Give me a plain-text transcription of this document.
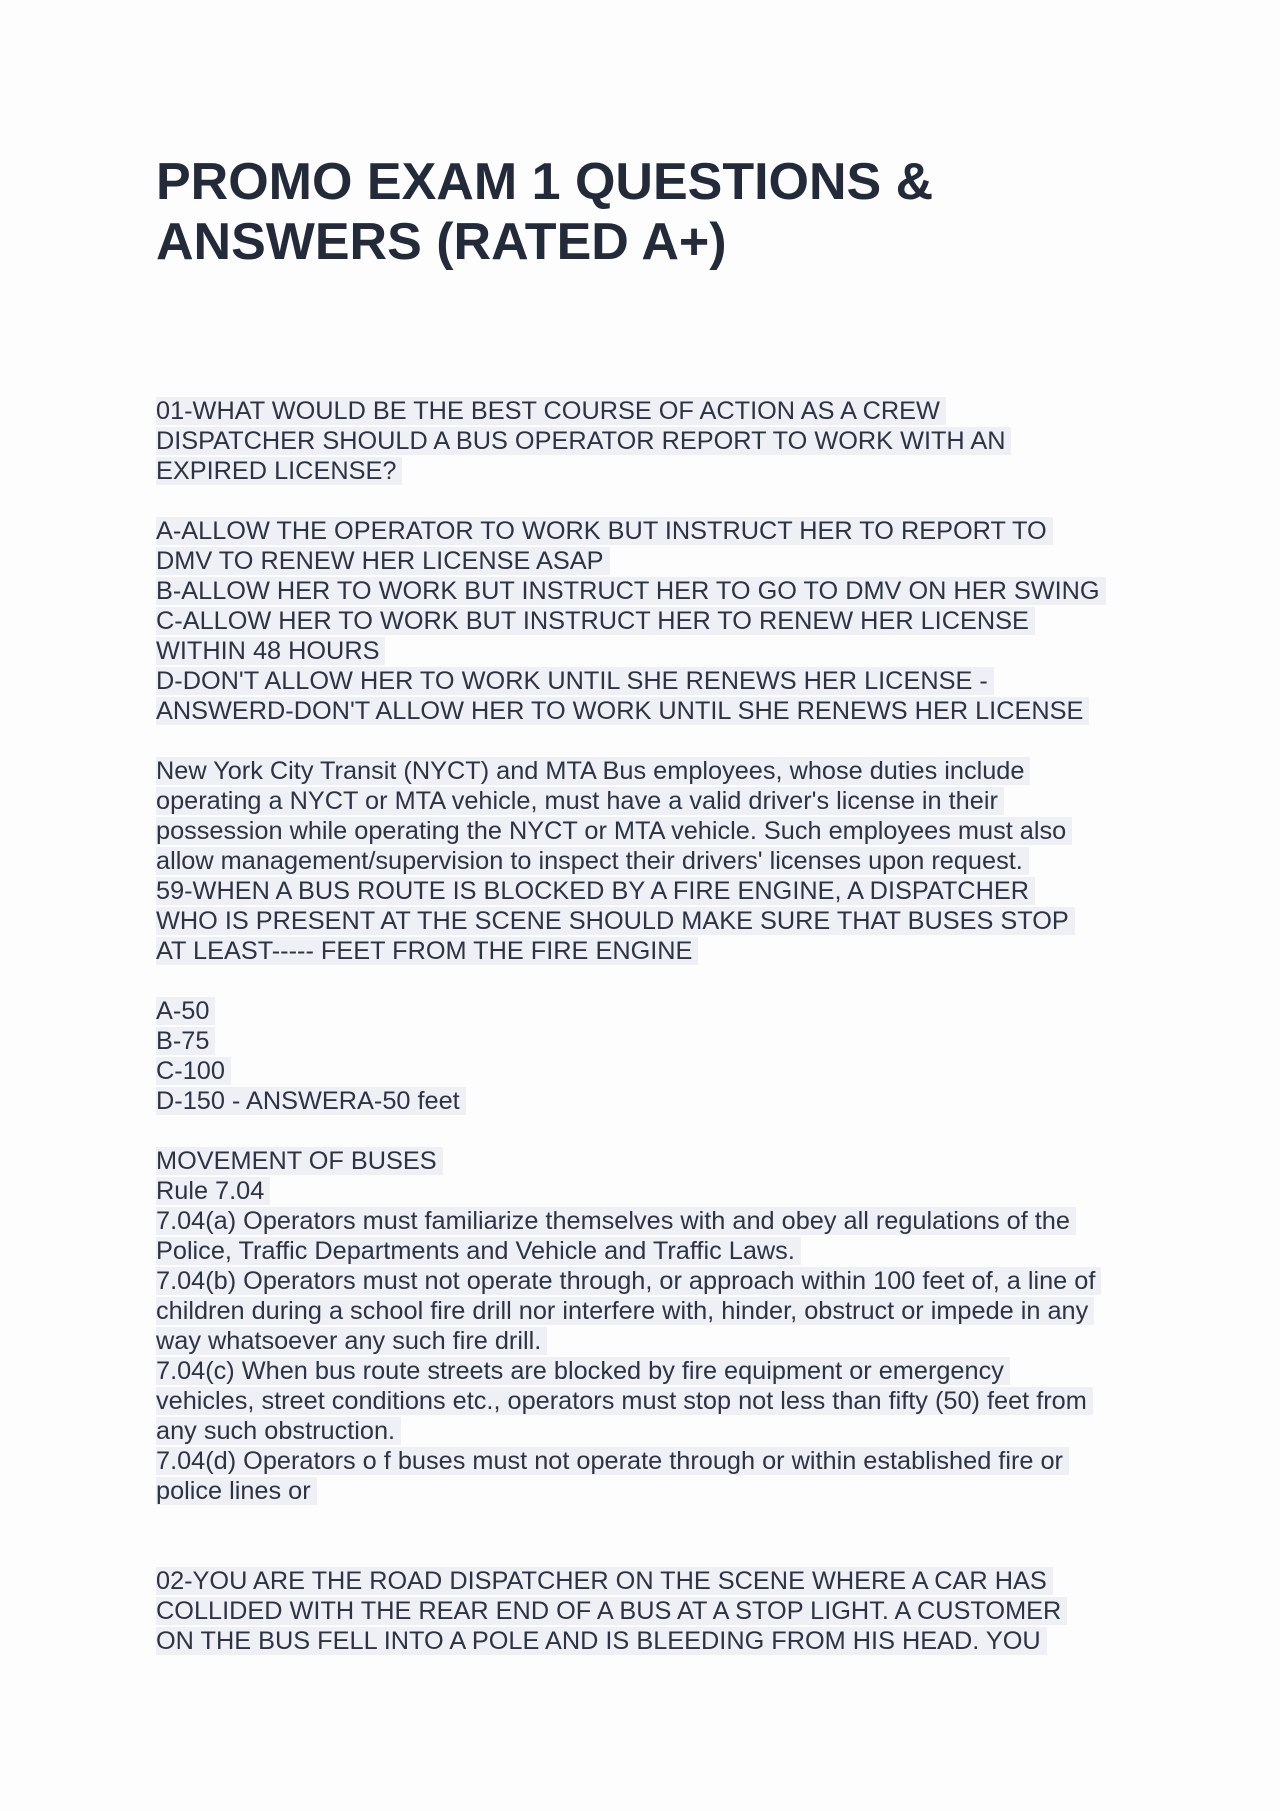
PROMO EXAM 1 QUESTIONS &
ANSWERS (RATED A+)
01-WHAT WOULD BE THE BEST COURSE OF ACTION AS A CREW
DISPATCHER SHOULD A BUS OPERATOR REPORT TO WORK WITH AN
EXPIRED LICENSE?
A-ALLOW THE OPERATOR TO WORK BUT INSTRUCT HER TO REPORT TO
DMV TO RENEW HER LICENSE ASAP
B-ALLOW HER TO WORK BUT INSTRUCT HER TO GO TO DMV ON HER SWING
C-ALLOW HER TO WORK BUT INSTRUCT HER TO RENEW HER LICENSE
WITHIN 48 HOURS
D-DON'T ALLOW HER TO WORK UNTIL SHE RENEWS HER LICENSE -
ANSWERD-DON'T ALLOW HER TO WORK UNTIL SHE RENEWS HER LICENSE
New York City Transit (NYCT) and MTA Bus employees, whose duties include
operating a NYCT or MTA vehicle, must have a valid driver's license in their
possession while operating the NYCT or MTA vehicle. Such employees must also
allow management/supervision to inspect their drivers' licenses upon request.
59-WHEN A BUS ROUTE IS BLOCKED BY A FIRE ENGINE, A DISPATCHER
WHO IS PRESENT AT THE SCENE SHOULD MAKE SURE THAT BUSES STOP
AT LEAST----- FEET FROM THE FIRE ENGINE
A-50
B-75
C-100
D-150 - ANSWERA-50 feet
MOVEMENT OF BUSES
Rule 7.04
7.04(a) Operators must familiarize themselves with and obey all regulations of the
Police, Traffic Departments and Vehicle and Traffic Laws.
7.04(b) Operators must not operate through, or approach within 100 feet of, a line of
children during a school fire drill nor interfere with, hinder, obstruct or impede in any
way whatsoever any such fire drill.
7.04(c) When bus route streets are blocked by fire equipment or emergency
vehicles, street conditions etc., operators must stop not less than fifty (50) feet from
any such obstruction.
7.04(d) Operators o f buses must not operate through or within established fire or
police lines or
02-YOU ARE THE ROAD DISPATCHER ON THE SCENE WHERE A CAR HAS
COLLIDED WITH THE REAR END OF A BUS AT A STOP LIGHT. A CUSTOMER
ON THE BUS FELL INTO A POLE AND IS BLEEDING FROM HIS HEAD. YOU
